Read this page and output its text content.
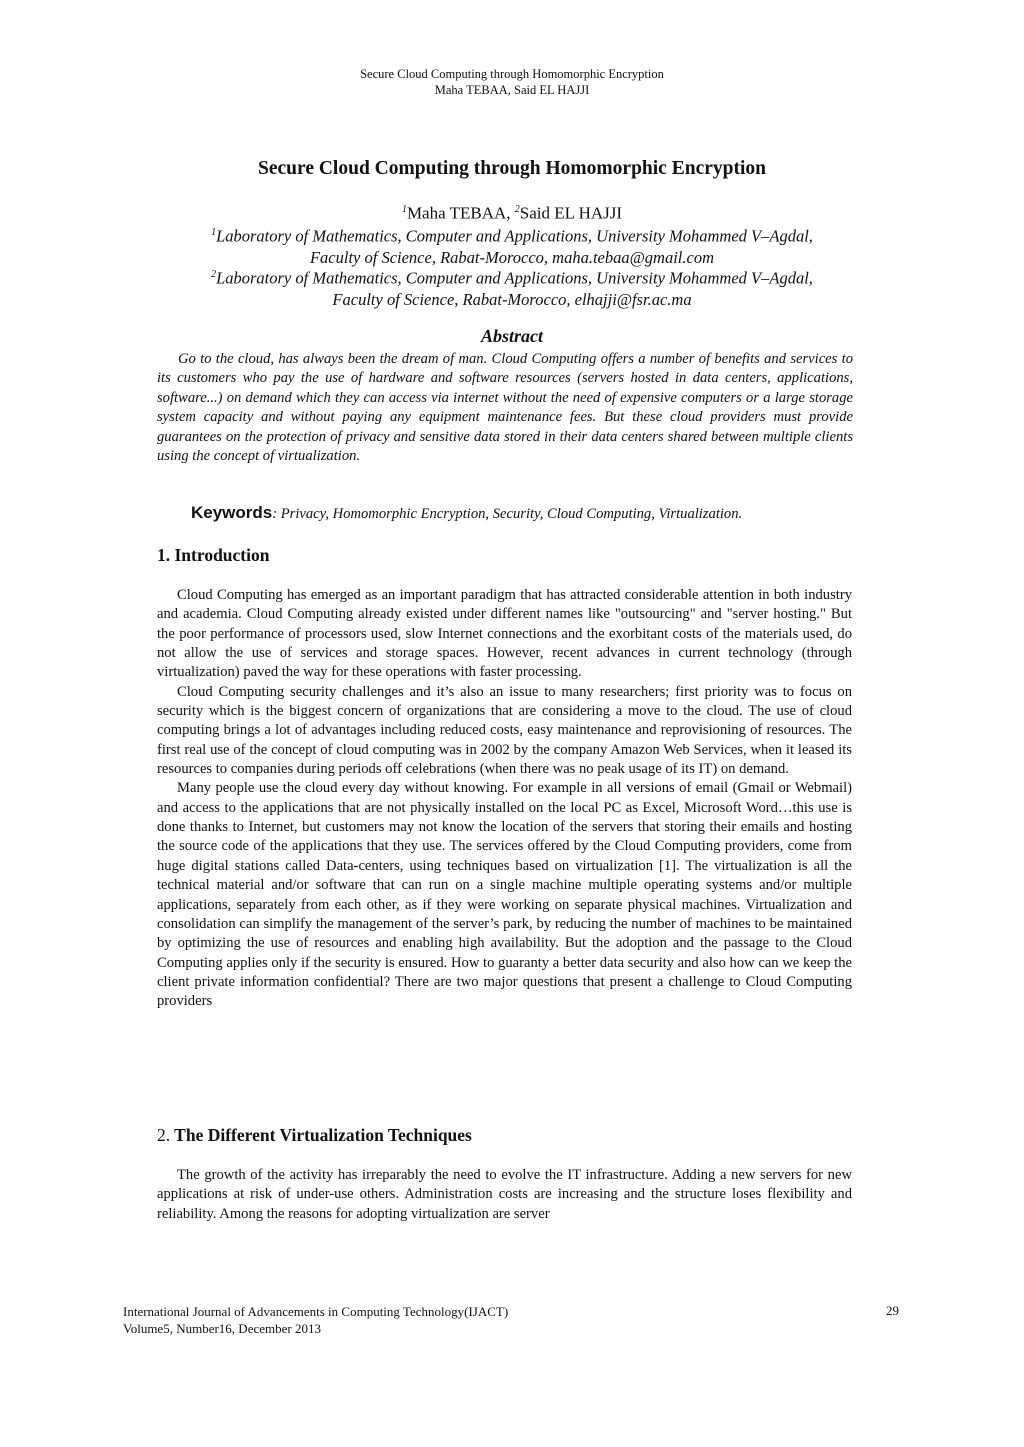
Secure Cloud Computing through Homomorphic Encryption
Maha TEBAA, Said EL HAJJI
Secure Cloud Computing through Homomorphic Encryption
$^1$Maha TEBAA, $^2$Said EL HAJJI
$^1$Laboratory of Mathematics, Computer and Applications, University Mohammed V–Agdal,
Faculty of Science, Rabat-Morocco, maha.tebaa@gmail.com
$^2$Laboratory of Mathematics, Computer and Applications, University Mohammed V–Agdal,
Faculty of Science, Rabat-Morocco, elhajji@fsr.ac.ma
Abstract
Go to the cloud, has always been the dream of man. Cloud Computing offers a number of benefits and services to its customers who pay the use of hardware and software resources (servers hosted in data centers, applications, software...) on demand which they can access via internet without the need of expensive computers or a large storage system capacity and without paying any equipment maintenance fees. But these cloud providers must provide guarantees on the protection of privacy and sensitive data stored in their data centers shared between multiple clients using the concept of virtualization.
Keywords: Privacy, Homomorphic Encryption, Security, Cloud Computing, Virtualization.
1. Introduction

Cloud Computing has emerged as an important paradigm that has attracted considerable attention in both industry and academia. Cloud Computing already existed under different names like "outsourcing" and "server hosting." But the poor performance of processors used, slow Internet connections and the exorbitant costs of the materials used, do not allow the use of services and storage spaces. However, recent advances in current technology (through virtualization) paved the way for these operations with faster processing.

Cloud Computing security challenges and it’s also an issue to many researchers; first priority was to focus on security which is the biggest concern of organizations that are considering a move to the cloud. The use of cloud computing brings a lot of advantages including reduced costs, easy maintenance and reprovisioning of resources. The first real use of the concept of cloud computing was in 2002 by the company Amazon Web Services, when it leased its resources to companies during periods off celebrations (when there was no peak usage of its IT) on demand.

Many people use the cloud every day without knowing. For example in all versions of email (Gmail or Webmail) and access to the applications that are not physically installed on the local PC as Excel, Microsoft Word…this use is done thanks to Internet, but customers may not know the location of the servers that storing their emails and hosting the source code of the applications that they use. The services offered by the Cloud Computing providers, come from huge digital stations called Data-centers, using techniques based on virtualization [1]. The virtualization is all the technical material and/or software that can run on a single machine multiple operating systems and/or multiple applications, separately from each other, as if they were working on separate physical machines. Virtualization and consolidation can simplify the management of the server’s park, by reducing the number of machines to be maintained by optimizing the use of resources and enabling high availability. But the adoption and the passage to the Cloud Computing applies only if the security is ensured. How to guaranty a better data security and also how can we keep the client private information confidential? There are two major questions that present a challenge to Cloud Computing providers

2. The Different Virtualization Techniques

The growth of the activity has irreparably the need to evolve the IT infrastructure. Adding a new servers for new applications at risk of under-use others. Administration costs are increasing and the structure loses flexibility and reliability. Among the reasons for adopting virtualization are server

International Journal of Advancements in Computing Technology(IJACT)
Volume5, Number16, December 2013
29
